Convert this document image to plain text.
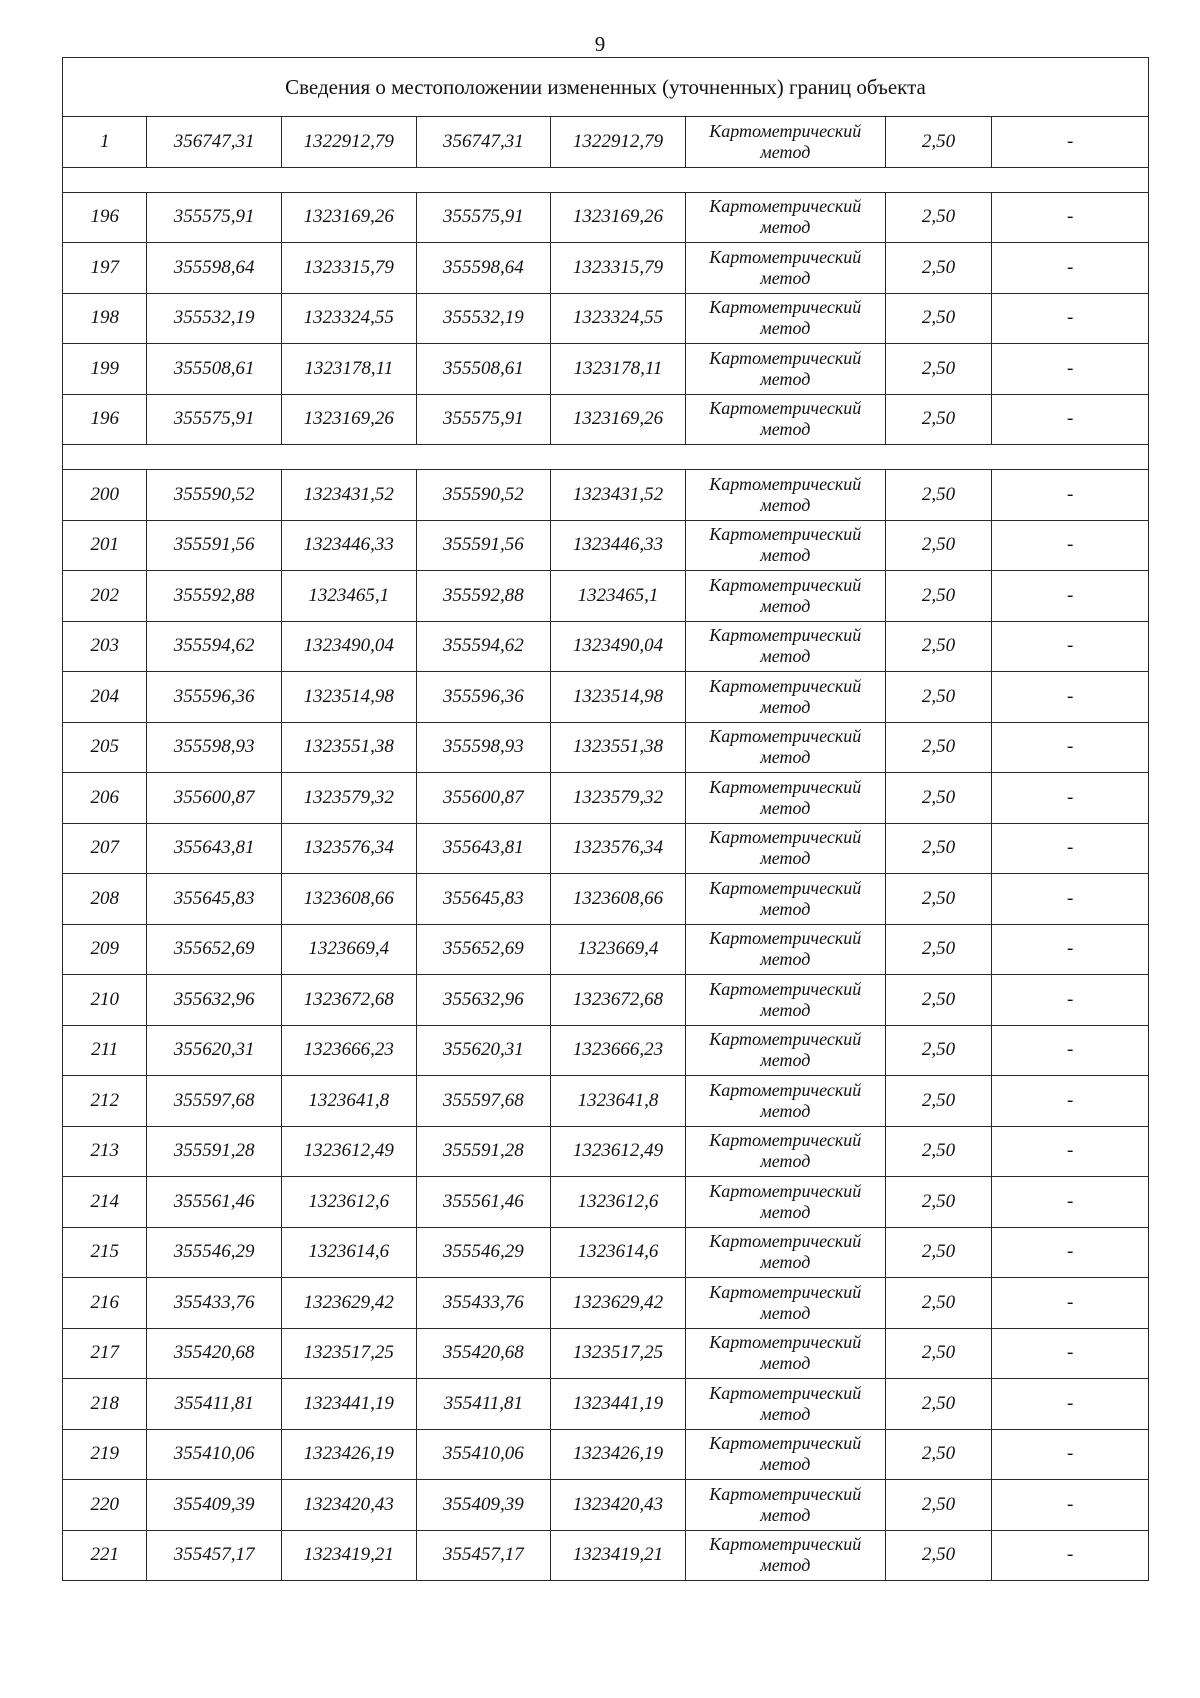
9
Сведения о местоположении измененных (уточненных) границ объекта							
1	356747,31	1322912,79	356747,31	1322912,79	Картометрический
метод	2,50	-

196	355575,91	1323169,26	355575,91	1323169,26	Картометрический
метод	2,50	-
197	355598,64	1323315,79	355598,64	1323315,79	Картометрический
метод	2,50	-
198	355532,19	1323324,55	355532,19	1323324,55	Картометрический
метод	2,50	-
199	355508,61	1323178,11	355508,61	1323178,11	Картометрический
метод	2,50	-
196	355575,91	1323169,26	355575,91	1323169,26	Картометрический
метод	2,50	-

200	355590,52	1323431,52	355590,52	1323431,52	Картометрический
метод	2,50	-
201	355591,56	1323446,33	355591,56	1323446,33	Картометрический
метод	2,50	-
202	355592,88	1323465,1	355592,88	1323465,1	Картометрический
метод	2,50	-
203	355594,62	1323490,04	355594,62	1323490,04	Картометрический
метод	2,50	-
204	355596,36	1323514,98	355596,36	1323514,98	Картометрический
метод	2,50	-
205	355598,93	1323551,38	355598,93	1323551,38	Картометрический
метод	2,50	-
206	355600,87	1323579,32	355600,87	1323579,32	Картометрический
метод	2,50	-
207	355643,81	1323576,34	355643,81	1323576,34	Картометрический
метод	2,50	-
208	355645,83	1323608,66	355645,83	1323608,66	Картометрический
метод	2,50	-
209	355652,69	1323669,4	355652,69	1323669,4	Картометрический
метод	2,50	-
210	355632,96	1323672,68	355632,96	1323672,68	Картометрический
метод	2,50	-
211	355620,31	1323666,23	355620,31	1323666,23	Картометрический
метод	2,50	-
212	355597,68	1323641,8	355597,68	1323641,8	Картометрический
метод	2,50	-
213	355591,28	1323612,49	355591,28	1323612,49	Картометрический
метод	2,50	-
214	355561,46	1323612,6	355561,46	1323612,6	Картометрический
метод	2,50	-
215	355546,29	1323614,6	355546,29	1323614,6	Картометрический
метод	2,50	-
216	355433,76	1323629,42	355433,76	1323629,42	Картометрический
метод	2,50	-
217	355420,68	1323517,25	355420,68	1323517,25	Картометрический
метод	2,50	-
218	355411,81	1323441,19	355411,81	1323441,19	Картометрический
метод	2,50	-
219	355410,06	1323426,19	355410,06	1323426,19	Картометрический
метод	2,50	-
220	355409,39	1323420,43	355409,39	1323420,43	Картометрический
метод	2,50	-
221	355457,17	1323419,21	355457,17	1323419,21	Картометрический
метод	2,50	-
